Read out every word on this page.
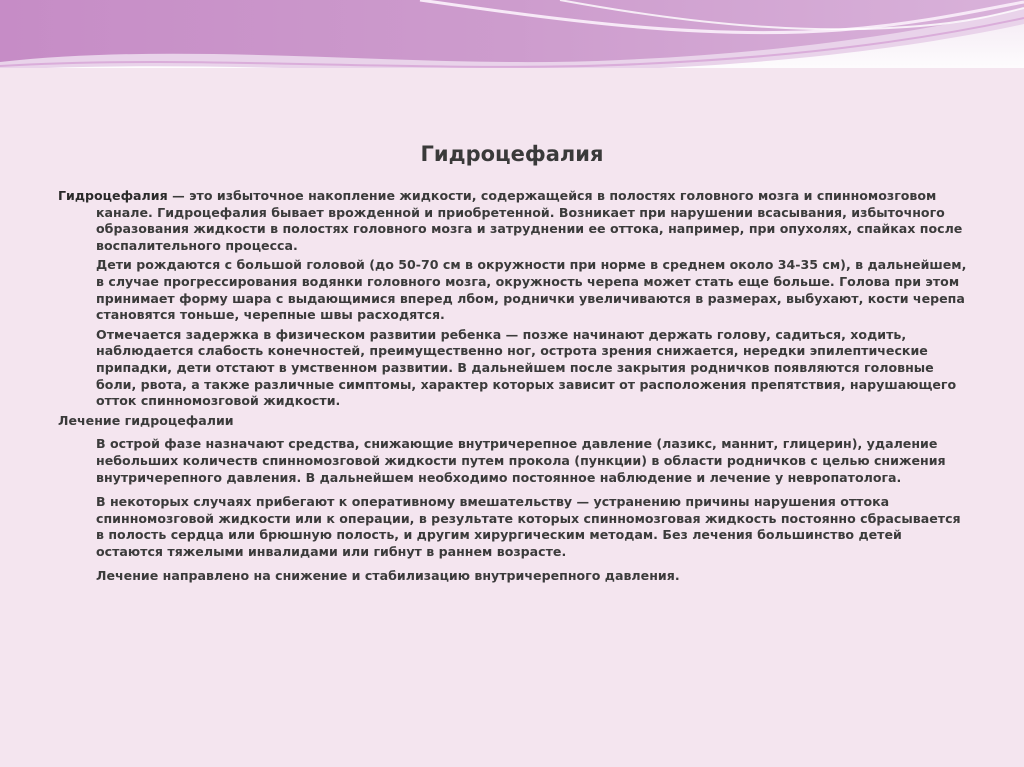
Гидроцефалия

Гидроцефалия — это избыточное накопление жидкости, содержащейся в полостях головного мозга и спинномозговом канале. Гидроцефалия бывает врожденной и приобретенной. Возникает при нарушении всасывания, избыточного образования жидкости в полостях головного мозга и затруднении ее оттока, например, при опухолях, спайках после воспалительного процесса.

Дети рождаются с большой головой (до 50-70 см в окружности при норме в среднем около 34-35 см), в дальнейшем, в случае прогрессирования водянки головного мозга, окружность черепа может стать еще больше. Голова при этом принимает форму шара с выдающимися вперед лбом, роднички увеличиваются в размерах, выбухают, кости черепа становятся тоньше, черепные швы расходятся.

Отмечается задержка в физическом развитии ребенка — позже начинают держать голову, садиться, ходить, наблюдается слабость конечностей, преимущественно ног, острота зрения снижается, нередки эпилептические припадки, дети отстают в умственном развитии. В дальнейшем после закрытия родничков появляются головные боли, рвота, а также различные симптомы, характер которых зависит от расположения препятствия, нарушающего отток спинномозговой жидкости.

Лечение гидроцефалии

В острой фазе назначают средства, снижающие внутричерепное давление (лазикс, маннит, глицерин), удаление небольших количеств спинномозговой жидкости путем прокола (пункции) в области родничков с целью снижения внутричерепного давления. В дальнейшем необходимо постоянное наблюдение и лечение у невропатолога.

В некоторых случаях прибегают к оперативному вмешательству — устранению причины нарушения оттока спинномозговой жидкости или к операции, в результате которых спинномозговая жидкость постоянно сбрасывается в полость сердца или брюшную полость, и другим хирургическим методам. Без лечения большинство детей остаются тяжелыми инвалидами или гибнут в раннем возрасте.

Лечение направлено на снижение и стабилизацию внутричерепного давления.
